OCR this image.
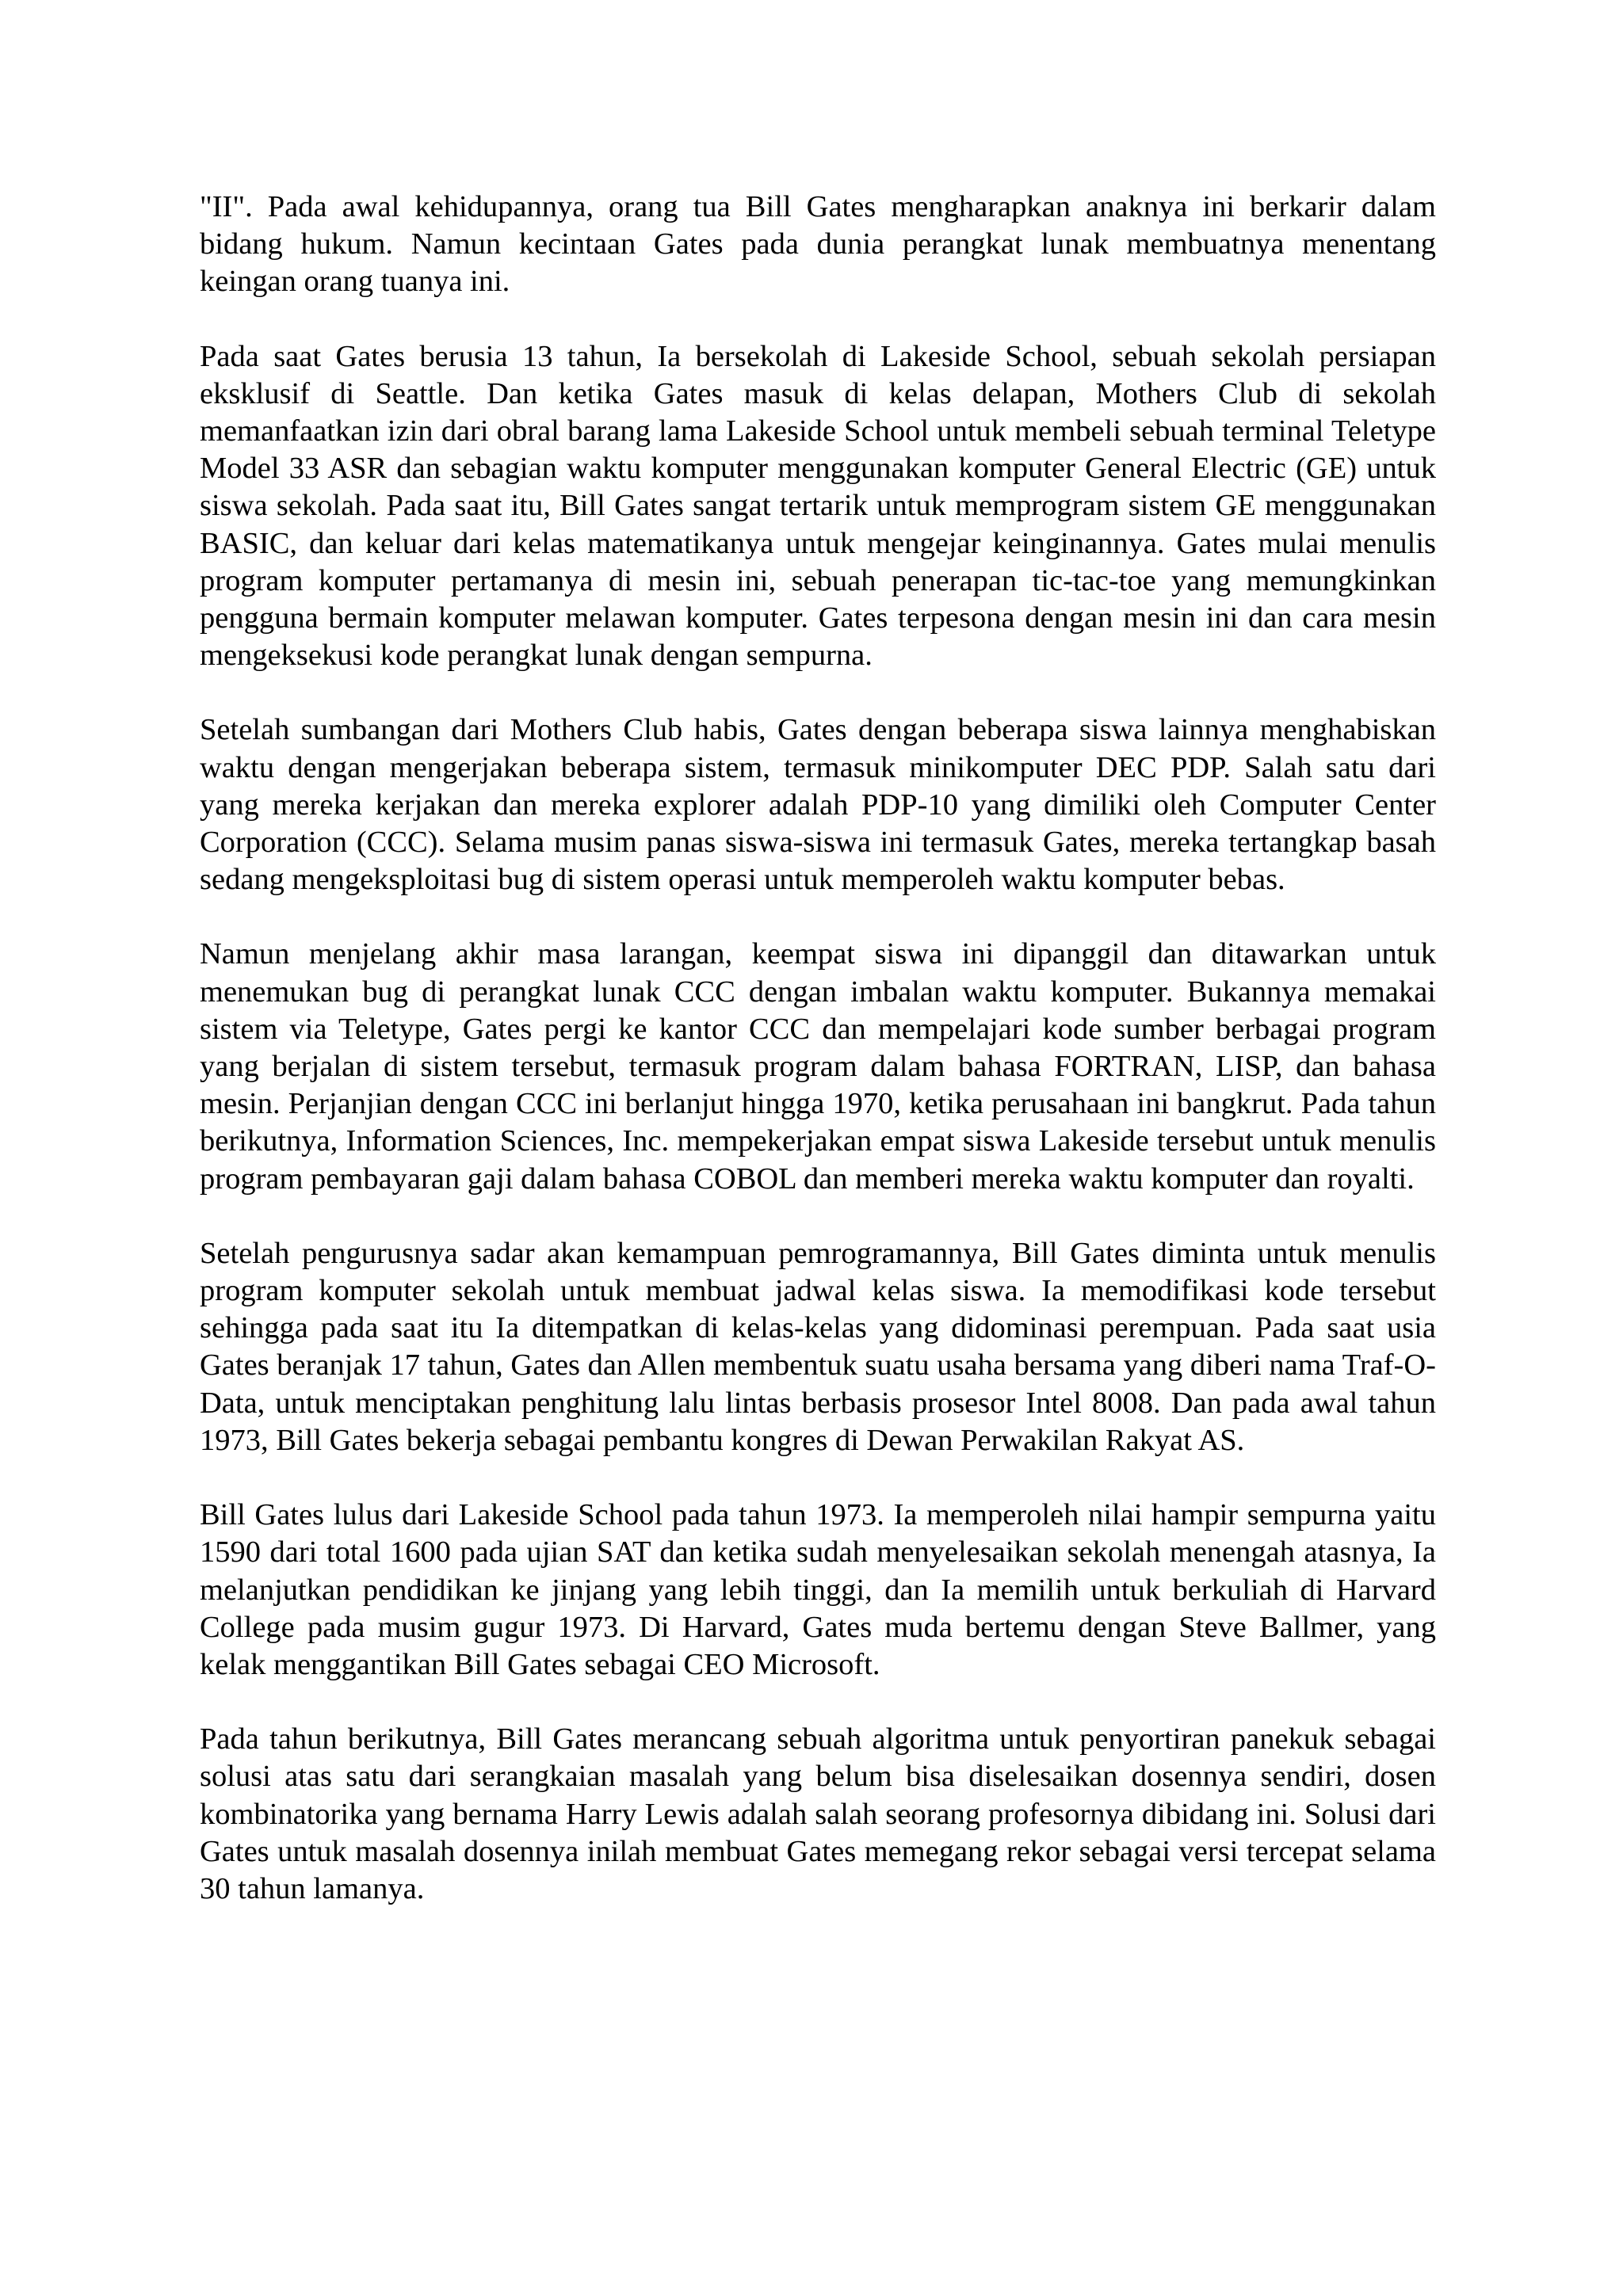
"II". Pada awal kehidupannya, orang tua Bill Gates mengharapkan anaknya ini berkarir dalam bidang hukum. Namun kecintaan Gates pada dunia perangkat lunak membuatnya menentang keingan orang tuanya ini.

Pada saat Gates berusia 13 tahun, Ia bersekolah di Lakeside School, sebuah sekolah persiapan eksklusif di Seattle. Dan ketika Gates masuk di kelas delapan, Mothers Club di sekolah memanfaatkan izin dari obral barang lama Lakeside School untuk membeli sebuah terminal Teletype Model 33 ASR dan sebagian waktu komputer menggunakan komputer General Electric (GE) untuk siswa sekolah. Pada saat itu, Bill Gates sangat tertarik untuk memprogram sistem GE menggunakan BASIC, dan keluar dari kelas matematikanya untuk mengejar keinginannya. Gates mulai menulis program komputer pertamanya di mesin ini, sebuah penerapan tic-tac-toe yang memungkinkan pengguna bermain komputer melawan komputer. Gates terpesona dengan mesin ini dan cara mesin mengeksekusi kode perangkat lunak dengan sempurna.

Setelah sumbangan dari Mothers Club habis, Gates dengan beberapa siswa lainnya menghabiskan waktu dengan mengerjakan beberapa sistem, termasuk minikomputer DEC PDP. Salah satu dari yang mereka kerjakan dan mereka explorer adalah PDP-10 yang dimiliki oleh Computer Center Corporation (CCC). Selama musim panas siswa-siswa ini termasuk Gates, mereka tertangkap basah sedang mengeksploitasi bug di sistem operasi untuk memperoleh waktu komputer bebas.

Namun menjelang akhir masa larangan, keempat siswa ini dipanggil dan ditawarkan untuk menemukan bug di perangkat lunak CCC dengan imbalan waktu komputer. Bukannya memakai sistem via Teletype, Gates pergi ke kantor CCC dan mempelajari kode sumber berbagai program yang berjalan di sistem tersebut, termasuk program dalam bahasa FORTRAN, LISP, dan bahasa mesin. Perjanjian dengan CCC ini berlanjut hingga 1970, ketika perusahaan ini bangkrut. Pada tahun berikutnya, Information Sciences, Inc. mempekerjakan empat siswa Lakeside tersebut untuk menulis program pembayaran gaji dalam bahasa COBOL dan memberi mereka waktu komputer dan royalti.

Setelah pengurusnya sadar akan kemampuan pemrogramannya, Bill Gates diminta untuk menulis program komputer sekolah untuk membuat jadwal kelas siswa. Ia memodifikasi kode tersebut sehingga pada saat itu Ia ditempatkan di kelas-kelas yang didominasi perempuan. Pada saat usia Gates beranjak 17 tahun, Gates dan Allen membentuk suatu usaha bersama yang diberi nama Traf-O-Data, untuk menciptakan penghitung lalu lintas berbasis prosesor Intel 8008. Dan pada awal tahun 1973, Bill Gates bekerja sebagai pembantu kongres di Dewan Perwakilan Rakyat AS.

Bill Gates lulus dari Lakeside School pada tahun 1973. Ia memperoleh nilai hampir sempurna yaitu 1590 dari total 1600 pada ujian SAT dan ketika sudah menyelesaikan sekolah menengah atasnya, Ia melanjutkan pendidikan ke jinjang yang lebih tinggi, dan Ia memilih untuk berkuliah di Harvard College pada musim gugur 1973. Di Harvard, Gates muda bertemu dengan Steve Ballmer, yang kelak menggantikan Bill Gates sebagai CEO Microsoft.

Pada tahun berikutnya, Bill Gates merancang sebuah algoritma untuk penyortiran panekuk sebagai solusi atas satu dari serangkaian masalah yang belum bisa diselesaikan dosennya sendiri, dosen kombinatorika yang bernama Harry Lewis adalah salah seorang profesornya dibidang ini. Solusi dari Gates untuk masalah dosennya inilah membuat Gates memegang rekor sebagai versi tercepat selama 30 tahun lamanya.
